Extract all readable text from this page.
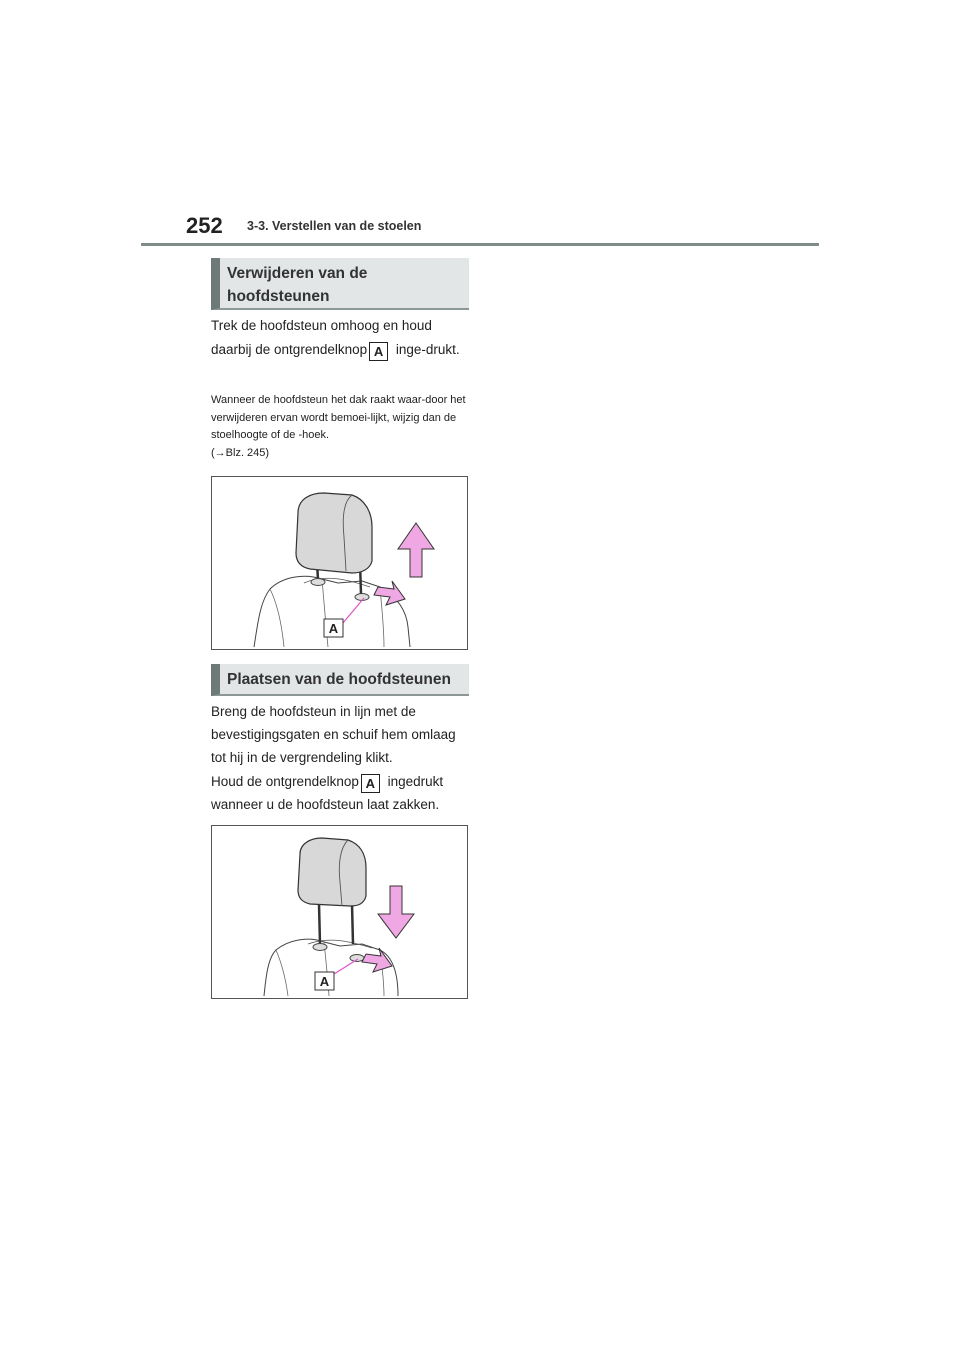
252 3-3. Verstellen van de stoelen
Verwijderen van de
hoofdsteunen

Trek de hoofdsteun omhoog en houd daarbij de ontgrendelknop A inge-drukt.

Wanneer de hoofdsteun het dak raakt waar-door het verwijderen ervan wordt bemoei-lijkt, wijzig dan de stoelhoogte of de -hoek.
(→Blz. 245)

A
Plaatsen van de hoofdsteunen

Breng de hoofdsteun in lijn met de bevestigingsgaten en schuif hem omlaag tot hij in de vergrendeling klikt.

Houd de ontgrendelknop A ingedrukt wanneer u de hoofdsteun laat zakken.

A
